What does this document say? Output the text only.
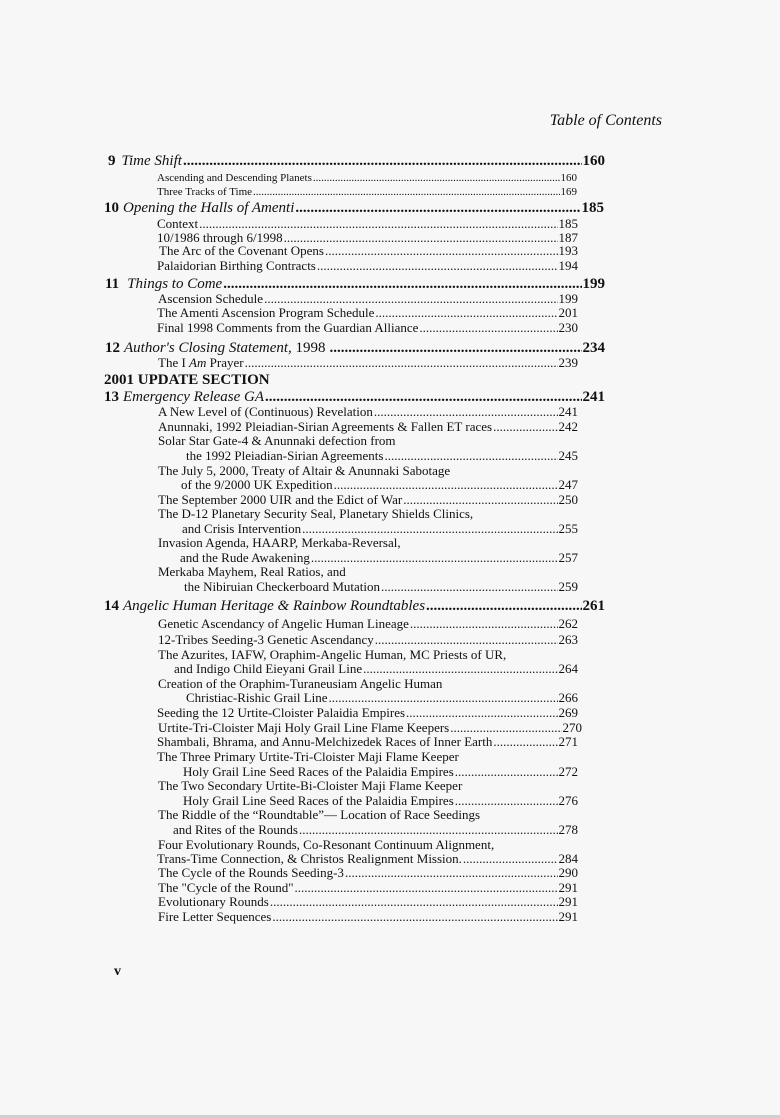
Table of Contents
9 Time Shift .....	160
Ascending and Descending Planets .....	160
Three Tracks of Time .....	169
10 Opening the Halls of Amenti .....	185
Context .....	185
10/1986 through 6/1998 .....	187
The Arc of the Covenant Opens .....	193
Palaidorian Birthing Contracts .....	194
11 Things to Come .....	199
Ascension Schedule .....	199
The Amenti Ascension Program Schedule .....	201
Final 1998 Comments from the Guardian Alliance .....	230
12 Author's Closing Statement, 1998 .....	234
The I Am Prayer .....	239
2001 UPDATE SECTION
13 Emergency Release GA .....	241
A New Level of (Continuous) Revelation .....	241
Anunnaki, 1992 Pleiadian-Sirian Agreements & Fallen ET races .....	242
Solar Star Gate-4 & Anunnaki defection from
the 1992 Pleiadian-Sirian Agreements .....	245
The July 5, 2000, Treaty of Altair & Anunnaki Sabotage
of the 9/2000 UK Expedition .....	247
The September 2000 UIR and the Edict of War .....	250
The D-12 Planetary Security Seal, Planetary Shields Clinics,
and Crisis Intervention .....	255
Invasion Agenda, HAARP, Merkaba-Reversal,
and the Rude Awakening .....	257
Merkaba Mayhem, Real Ratios, and
the Nibiruian Checkerboard Mutation .....	259
14 Angelic Human Heritage & Rainbow Roundtables .....	261
Genetic Ascendancy of Angelic Human Lineage .....	262
12-Tribes Seeding-3 Genetic Ascendancy .....	263
The Azurites, IAFW, Oraphim-Angelic Human, MC Priests of UR,
and Indigo Child Eieyani Grail Line .....	264
Creation of the Oraphim-Turaneusiam Angelic Human
Christiac-Rishic Grail Line .....	266
Seeding the 12 Urtite-Cloister Palaidia Empires .....	269
Urtite-Tri-Cloister Maji Holy Grail Line Flame Keepers .....	270
Shambali, Bhrama, and Annu-Melchizedek Races of Inner Earth .....	271
The Three Primary Urtite-Tri-Cloister Maji Flame Keeper
Holy Grail Line Seed Races of the Palaidia Empires .....	272
The Two Secondary Urtite-Bi-Cloister Maji Flame Keeper
Holy Grail Line Seed Races of the Palaidia Empires .....	276
The Riddle of the “Roundtable”— Location of Race Seedings
and Rites of the Rounds .....	278
Four Evolutionary Rounds, Co-Resonant Continuum Alignment,
Trans-Time Connection, & Christos Realignment Mission. .....	284
The Cycle of the Rounds Seeding-3 .....	290
The "Cycle of the Round" .....	291
Evolutionary Rounds .....	291
Fire Letter Sequences .....	291
v
